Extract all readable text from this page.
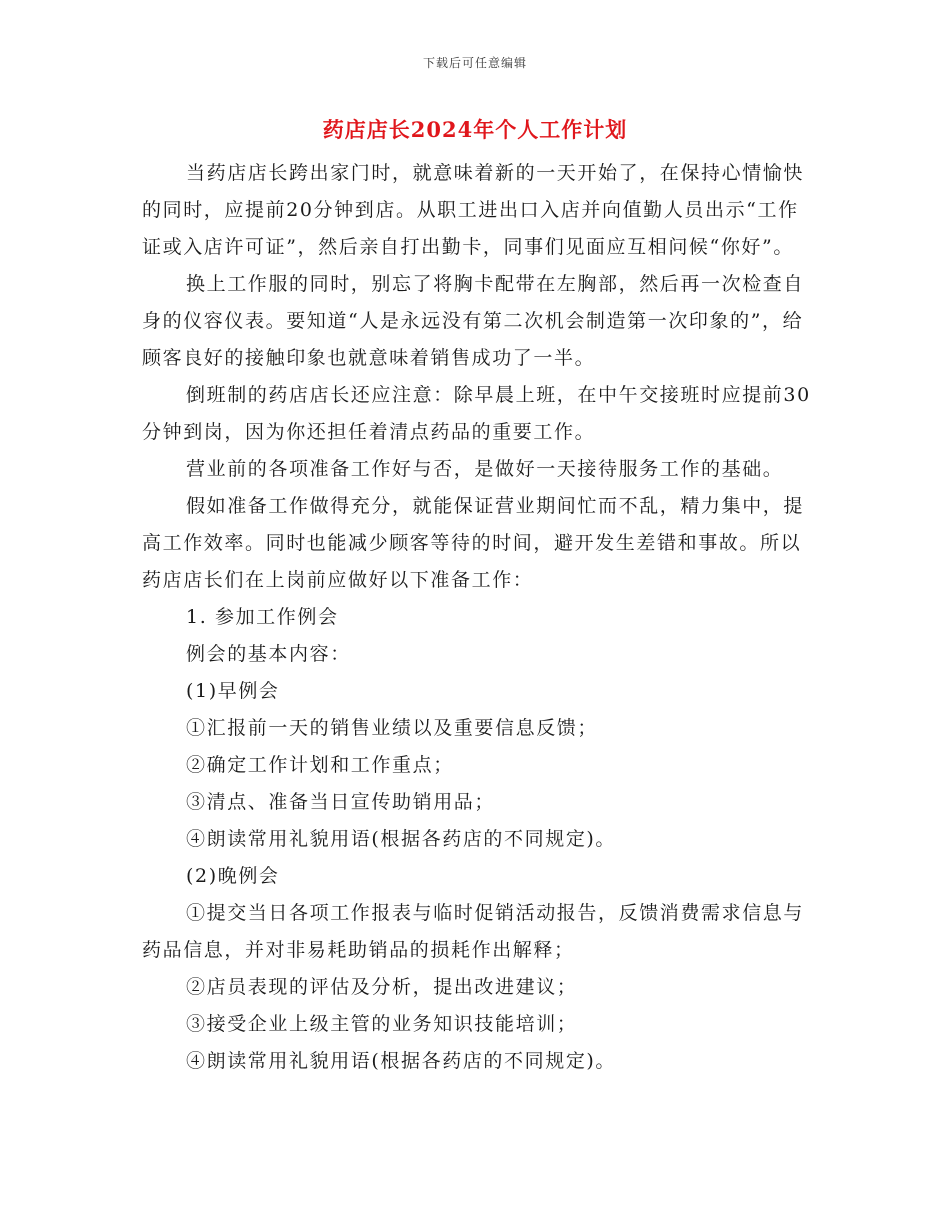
下载后可任意编辑
药店店长2024年个人工作计划

当药店店长跨出家门时，就意味着新的一天开始了，在保持心情愉快的同时，应提前20分钟到店。从职工进出口入店并向值勤人员出示“工作证或入店许可证”，然后亲自打出勤卡，同事们见面应互相问候“你好”。

换上工作服的同时，别忘了将胸卡配带在左胸部，然后再一次检查自身的仪容仪表。要知道“人是永远没有第二次机会制造第一次印象的”，给顾客良好的接触印象也就意味着销售成功了一半。

倒班制的药店店长还应注意：除早晨上班，在中午交接班时应提前30分钟到岗，因为你还担任着清点药品的重要工作。

营业前的各项准备工作好与否，是做好一天接待服务工作的基础。

假如准备工作做得充分，就能保证营业期间忙而不乱，精力集中，提高工作效率。同时也能减少顾客等待的时间，避开发生差错和事故。所以药店店长们在上岗前应做好以下准备工作：

1. 参加工作例会

例会的基本内容：

(1)早例会

①汇报前一天的销售业绩以及重要信息反馈；

②确定工作计划和工作重点；

③清点、准备当日宣传助销用品；

④朗读常用礼貌用语(根据各药店的不同规定)。

(2)晚例会

①提交当日各项工作报表与临时促销活动报告，反馈消费需求信息与药品信息，并对非易耗助销品的损耗作出解释；

②店员表现的评估及分析，提出改进建议；

③接受企业上级主管的业务知识技能培训；

④朗读常用礼貌用语(根据各药店的不同规定)。
